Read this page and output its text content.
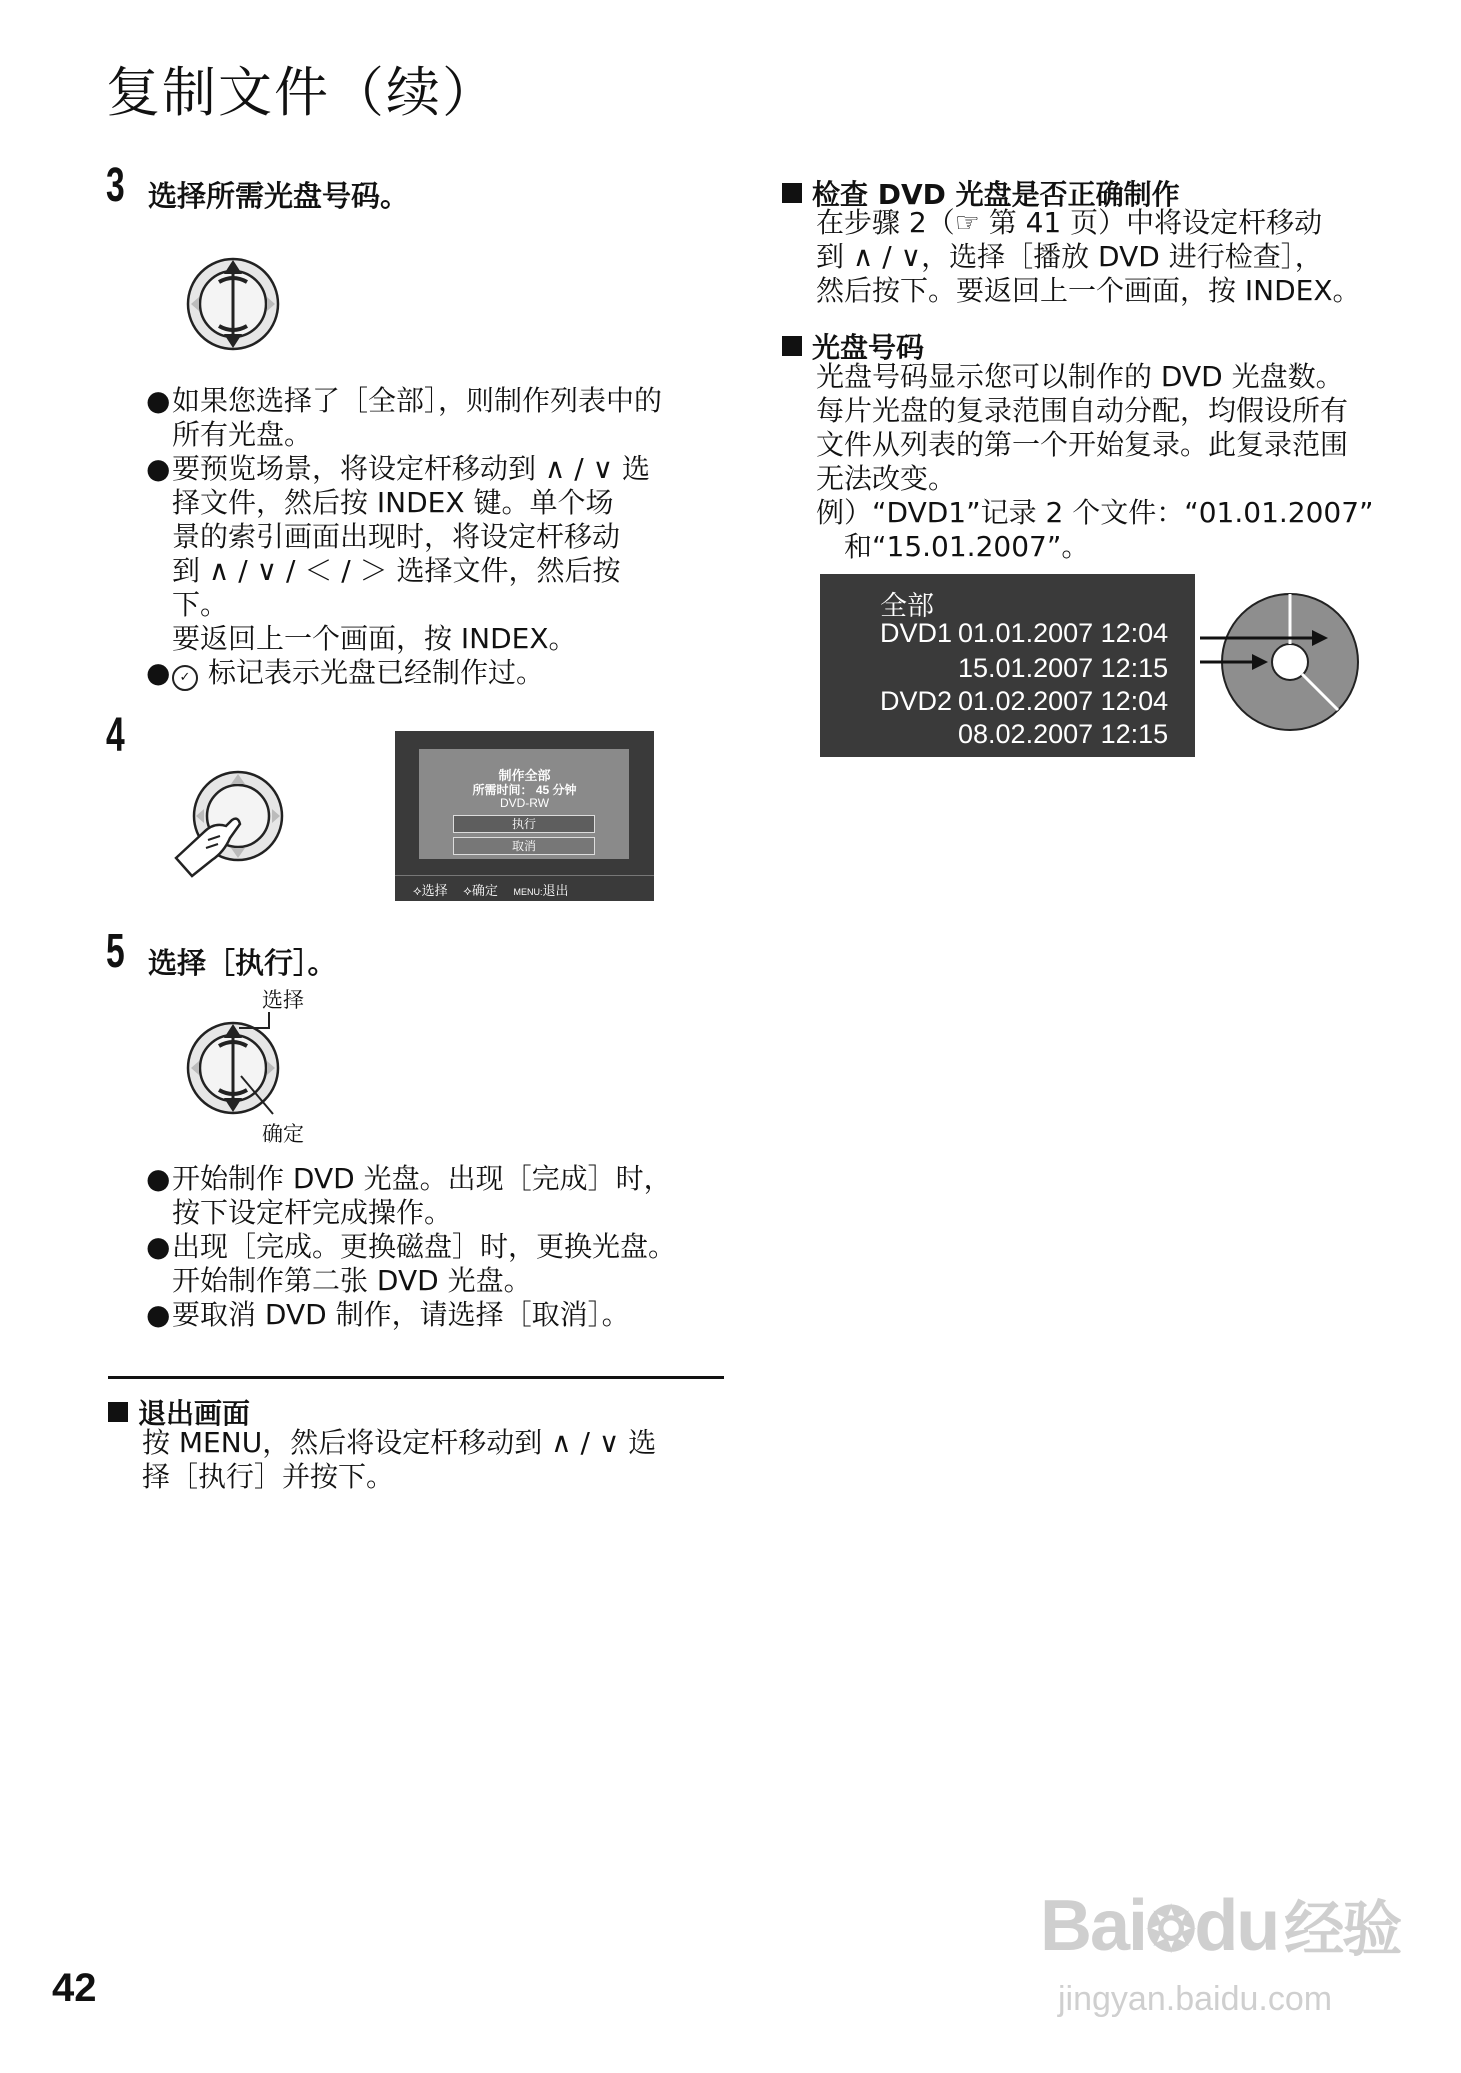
复制文件（续）
3 选择所需光盘号码。
● 如果您选择了［全部］，则制作列表中的
所有光盘。
● 要预览场景，将设定杆移动到 ∧ / ∨ 选
择文件，然后按 INDEX 键。单个场
景的索引画面出现时，将设定杆移动
到 ∧ / ∨ / ＜ / ＞ 选择文件，然后按
下。
要返回上一个画面，按 INDEX。
● ✓ 标记表示光盘已经制作过。
4
制作全部
所需时间： 45 分钟
DVD-RW
执行
取消
⟡选择 ⟡确定 MENU:退出
5 选择［执行］。
选择
确定
● 开始制作 DVD 光盘。出现［完成］时，
按下设定杆完成操作。
● 出现［完成。更换磁盘］时，更换光盘。
开始制作第二张 DVD 光盘。
● 要取消 DVD 制作，请选择［取消］。
退出画面
按 MENU，然后将设定杆移动到 ∧ / ∨ 选
择［执行］并按下。
检查 DVD 光盘是否正确制作
在步骤 2（☞ 第 41 页）中将设定杆移动
到 ∧ / ∨，选择［播放 DVD 进行检查］，
然后按下。要返回上一个画面，按 INDEX。
光盘号码
光盘号码显示您可以制作的 DVD 光盘数。
每片光盘的复录范围自动分配，均假设所有
文件从列表的第一个开始复录。此复录范围
无法改变。
例）“DVD1”记录 2 个文件：“01.01.2007”
　和“15.01.2007”。
全部
DVD1 01.01.2007 12:04
15.01.2007 12:15
DVD2 01.02.2007 12:04
08.02.2007 12:15
42
Bai❂du 经验
jingyan.baidu.com
